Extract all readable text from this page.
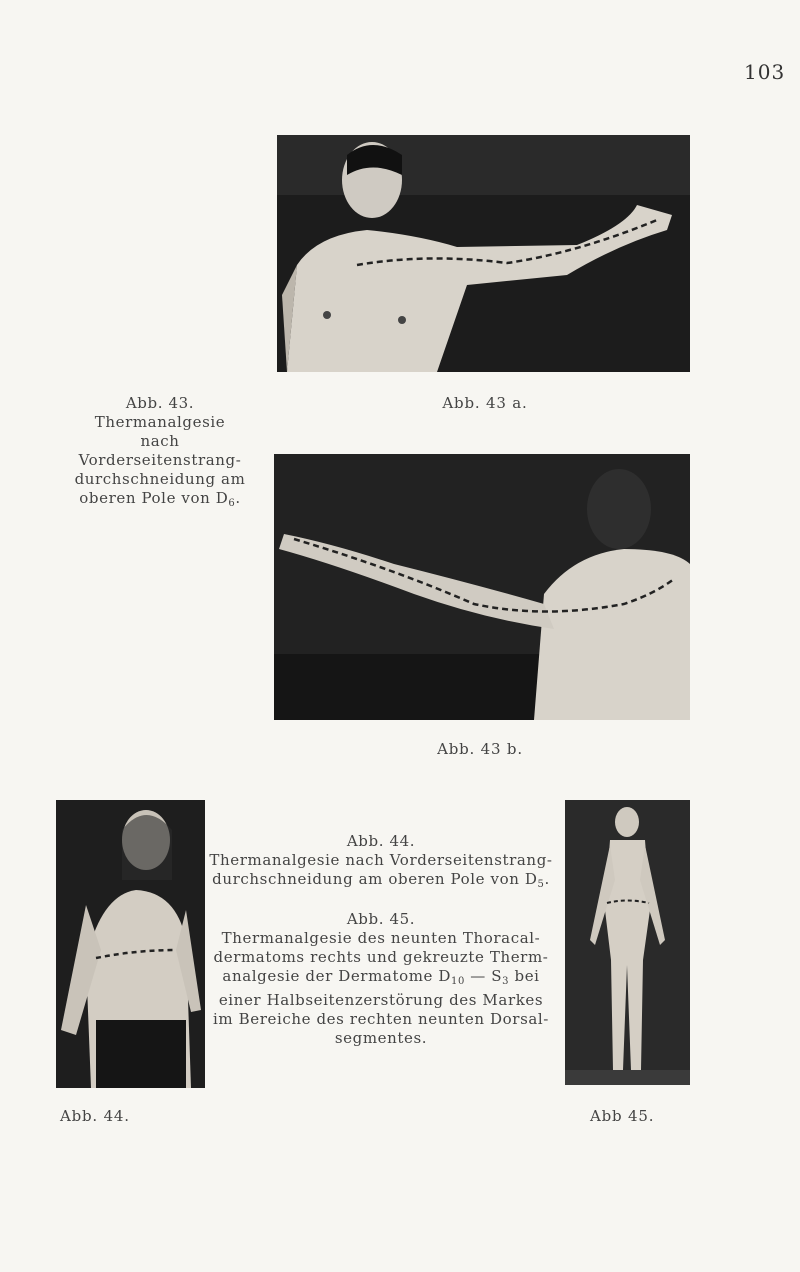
103
Abb. 43 a.
Abb. 43.
Thermanalgesie
nach Vorderseitenstrang-
durchschneidung am
oberen Pole von $D_6$.
Abb. 43 b.
Abb. 44.
Abb. 44.
Thermanalgesie nach Vorderseitenstrang-
durchschneidung am oberen Pole von $D_5$.
Abb. 45.
Thermanalgesie des neunten Thoracal-
dermatoms rechts und gekreuzte Therm-
analgesie der Dermatome $D_{10}$ — $S_3$ bei
einer Halbseitenzerstörung des Markes
im Bereiche des rechten neunten Dorsal-
segmentes.
Abb 45.
